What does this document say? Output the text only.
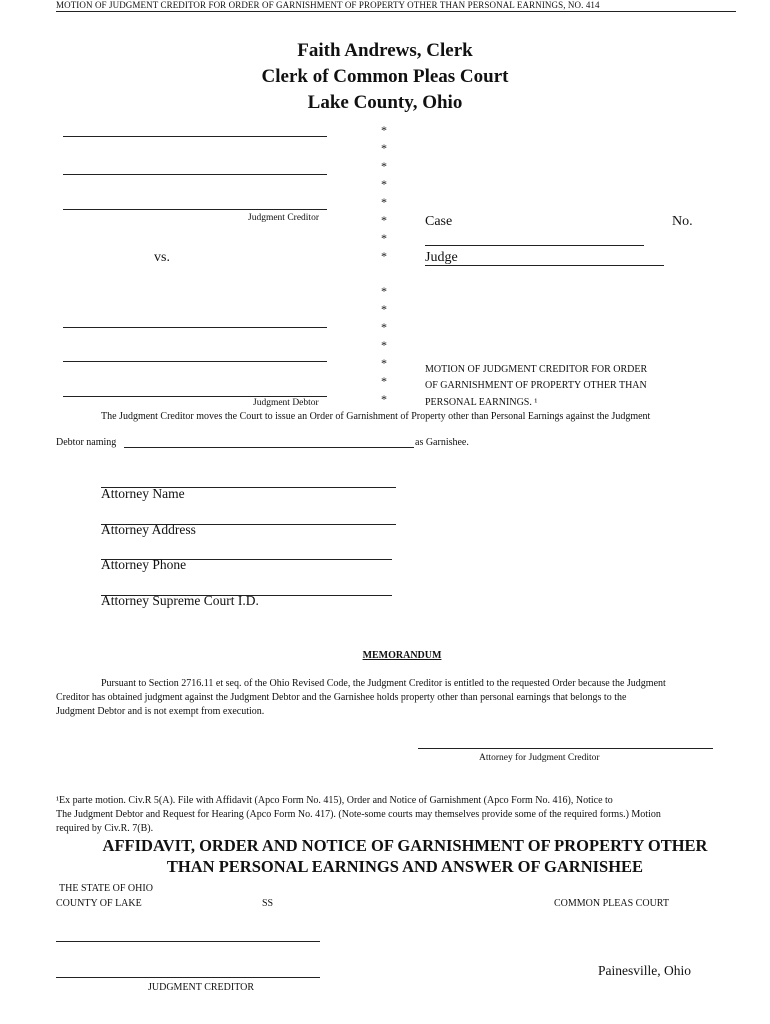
MOTION OF JUDGMENT CREDITOR FOR ORDER OF GARNISHMENT OF PROPERTY OTHER THAN PERSONAL EARNINGS, NO. 414
Faith Andrews, Clerk
Clerk of Common Pleas Court
Lake County, Ohio
Judgment Creditor
vs.
Judgment Debtor
*
*
*
*
*
*
*
*
*
*
*
*
*
*
*
Case	No.
Judge
MOTION OF JUDGMENT CREDITOR FOR ORDER
OF GARNISHMENT OF PROPERTY OTHER THAN
PERSONAL EARNINGS. ¹
The Judgment Creditor moves the Court to issue an Order of Garnishment of Property other than Personal Earnings against the Judgment
Debtor naming	as Garnishee.
Attorney Name
Attorney Address
Attorney Phone
Attorney Supreme Court I.D.
MEMORANDUM
Pursuant to Section 2716.11 et seq. of the Ohio Revised Code, the Judgment Creditor is entitled to the requested Order because the Judgment
Creditor has obtained judgment against the Judgment Debtor and the Garnishee holds property other than personal earnings that belongs to the
Judgment Debtor and is not exempt from execution.
Attorney for Judgment Creditor
¹Ex parte motion. Civ.R 5(A). File with Affidavit (Apco Form No. 415), Order and Notice of Garnishment (Apco Form No. 416), Notice to
The Judgment Debtor and Request for Hearing (Apco Form No. 417). (Note-some courts may themselves provide some of the required forms.) Motion
required by Civ.R. 7(B).
AFFIDAVIT, ORDER AND NOTICE OF GARNISHMENT OF PROPERTY OTHER
THAN PERSONAL EARNINGS AND ANSWER OF GARNISHEE
THE STATE OF OHIO
COUNTY OF LAKE	SS	COMMON PLEAS COURT
Painesville, Ohio
JUDGMENT CREDITOR
